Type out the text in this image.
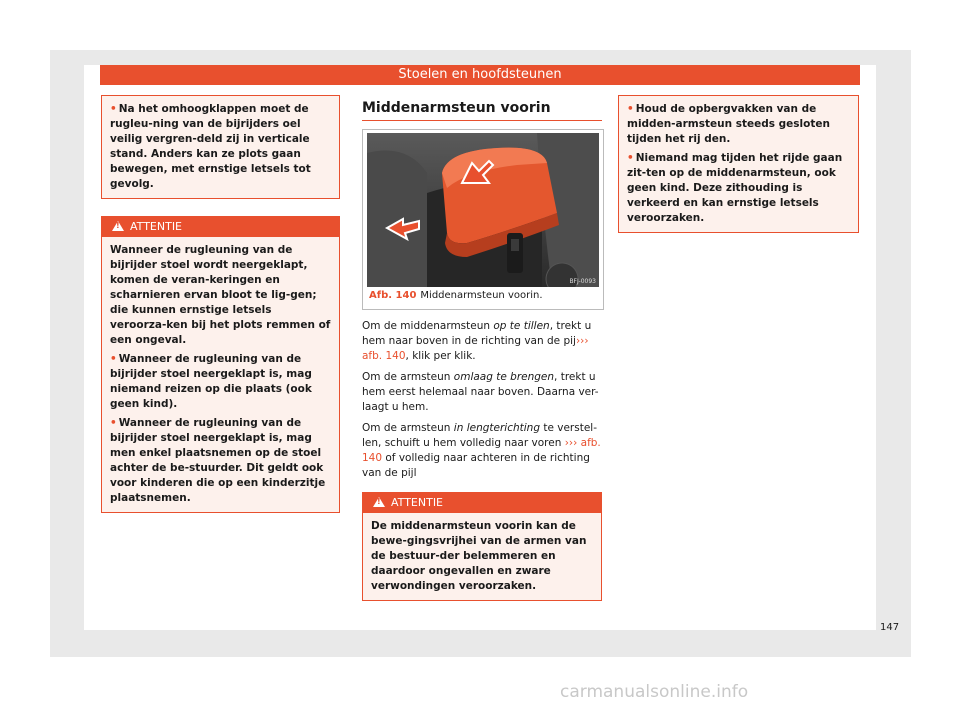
Stoelen en hoofdsteunen

• Na het omhoogklappen moet de rugleu-ning van de bijrijders oel veilig vergren-deld zij in verticale stand. Anders kan ze plots gaan bewegen, met ernstige letsels tot gevolg.

! ATTENTIE

Wanneer de rugleuning van de bijrijder stoel wordt neergeklapt, komen de veran-keringen en scharnieren ervan bloot te lig-gen; die kunnen ernstige letsels veroorza-ken bij het plots remmen of een ongeval.

• Wanneer de rugleuning van de bijrijder stoel neergeklapt is, mag niemand reizen op die plaats (ook geen kind).

• Wanneer de rugleuning van de bijrijder stoel neergeklapt is, mag men enkel plaatsnemen op de stoel achter de be-stuurder. Dit geldt ook voor kinderen die op een kinderzitje plaatsnemen.

Middenarmsteun voorin
BFJ-0093
Afb. 140 Middenarmsteun voorin.

Om de middenarmsteun op te tillen, trekt u hem naar boven in de richting van de pij››› afb. 140, klik per klik.

Om de armsteun omlaag te brengen, trekt u hem eerst helemaal naar boven. Daarna ver-laagt u hem.

Om de armsteun in lengterichting te verstel-len, schuift u hem volledig naar voren ››› afb. 140 of volledig naar achteren in de richting van de pijl

! ATTENTIE

De middenarmsteun voorin kan de bewe-gingsvrijhei van de armen van de bestuur-der belemmeren en daardoor ongevallen en zware verwondingen veroorzaken.

• Houd de opbergvakken van de midden-armsteun steeds gesloten tijden het rij den.

• Niemand mag tijden het rijde gaan zit-ten op de middenarmsteun, ook geen kind. Deze zithouding is verkeerd en kan ernstige letsels veroorzaken.

147
carmanualsonline.info
